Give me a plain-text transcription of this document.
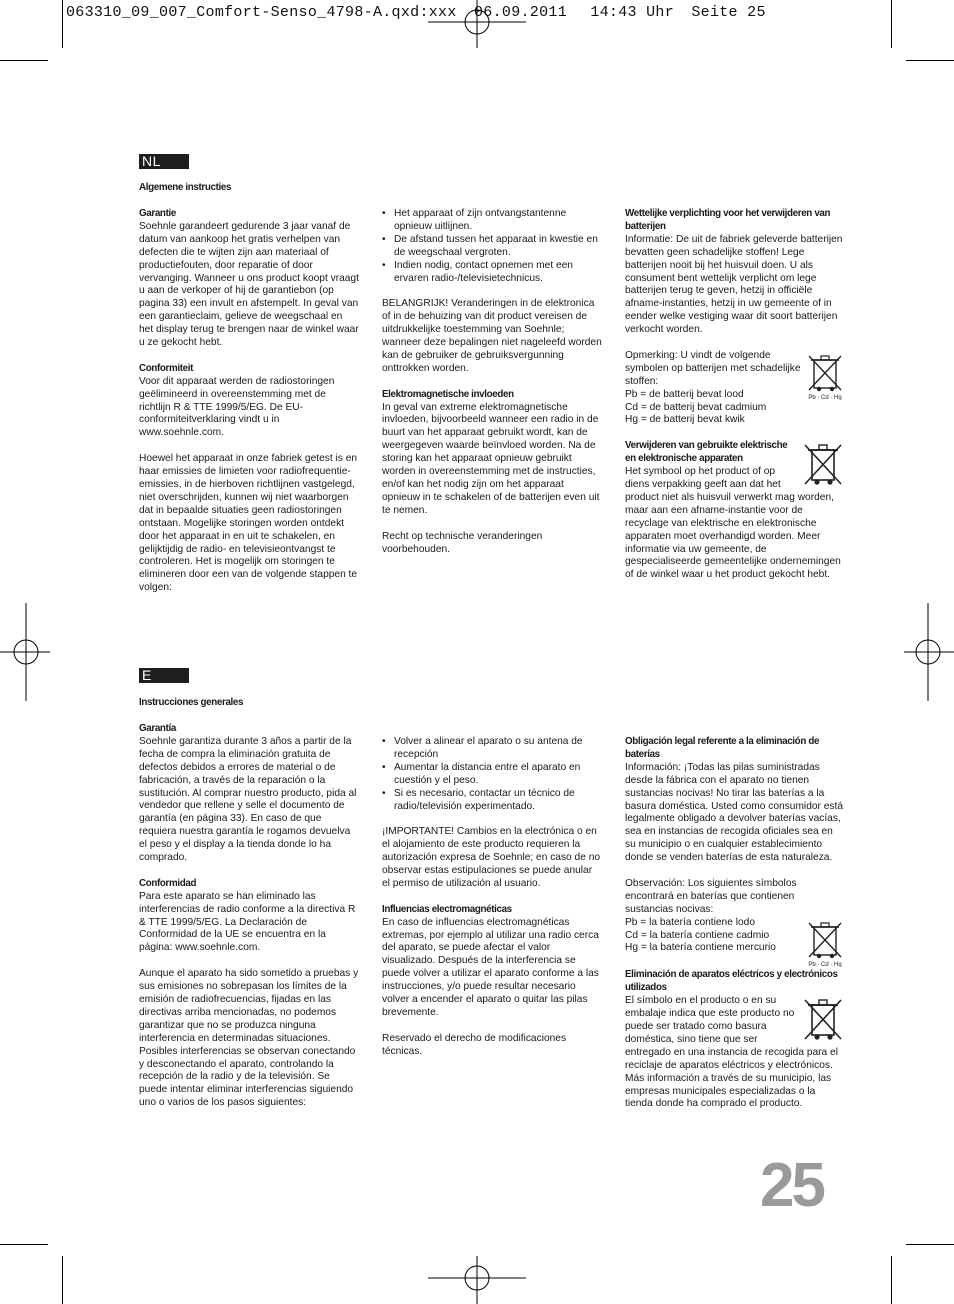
063310_09_007_Comfort-Senso_4798-A.qxd:xxx 06.09.2011 14:43 Uhr Seite 25
NL
Algemene instructies

Garantie
Soehnle garandeert gedurende 3 jaar vanaf de datum van aankoop het gratis verhelpen van defecten die te wijten zijn aan materiaal of productiefouten, door reparatie of door vervanging. Wanneer u ons product koopt vraagt u aan de verkoper of hij de garantiebon (op pagina 33) een invult en afstempelt. In geval van een garantieclaim, gelieve de weegschaal en het display terug te brengen naar de winkel waar u ze gekocht hebt.

Conformiteit
Voor dit apparaat werden de radiostoringen geëlimineerd in overeenstemming met de richtlijn R & TTE 1999/5/EG. De EU-conformiteitverklaring vindt u in www.soehnle.com.

Hoewel het apparaat in onze fabriek getest is en haar emissies de limieten voor radiofrequentie-emissies, in de hierboven richtlijnen vastgelegd, niet overschrijden, kunnen wij niet waarborgen dat in bepaalde situaties geen radiostoringen ontstaan. Mogelijke storingen worden ontdekt door het apparaat in en uit te schakelen, en gelijktijdig de radio- en televisieontvangst te controleren. Het is mogelijk om storingen te elimineren door een van de volgende stappen te volgen:

• Het apparaat of zijn ontvangstantenne opnieuw uitlijnen.
• De afstand tussen het apparaat in kwestie en de weegschaal vergroten.
• Indien nodig, contact opnemen met een ervaren radio-/televisietechnicus.

BELANGRIJK! Veranderingen in de elektronica of in de behuizing van dit product vereisen de uitdrukkelijke toestemming van Soehnle; wanneer deze bepalingen niet nageleefd worden kan de gebruiker de gebruiksvergunning onttrokken worden.

Elektromagnetische invloeden
In geval van extreme elektromagnetische invloeden, bijvoorbeeld wanneer een radio in de buurt van het apparaat gebruikt wordt, kan de weergegeven waarde beïnvloed worden. Na de storing kan het apparaat opnieuw gebruikt worden in overeenstemming met de instructies, en/of kan het nodig zijn om het apparaat opnieuw in te schakelen of de batterijen even uit te nemen.

Recht op technische veranderingen voorbehouden.

Wettelijke verplichting voor het verwijderen van batterijen
Informatie: De uit de fabriek geleverde batterijen bevatten geen schadelijke stoffen! Lege batterijen nooit bij het huisvuil doen. U als consument bent wettelijk verplicht om lege batterijen terug te geven, hetzij in officiële afname-instanties, hetzij in uw gemeente of in eender welke vestiging waar dit soort batterijen verkocht worden.

Pb · Cd · Hg
Opmerking: U vindt de volgende symbolen op batterijen met schadelijke stoffen:
Pb = de batterij bevat lood
Cd = de batterij bevat cadmium
Hg = de batterij bevat kwik

Verwijderen van gebruikte elektrische en elektronische apparaten
Het symbool op het product of op diens verpakking geeft aan dat het product niet als huisvuil verwerkt mag worden, maar aan een afname-instantie voor de recyclage van elektrische en elektronische apparaten moet overhandigd worden. Meer informatie via uw gemeente, de gespecialiseerde gemeentelijke ondernemingen of de winkel waar u het product gekocht hebt.

E
Instrucciones generales

Garantía
Soehnle garantiza durante 3 años a partir de la fecha de compra la eliminación gratuita de defectos debidos a errores de material o de fabricación, a través de la reparación o la sustitución. Al comprar nuestro producto, pida al vendedor que rellene y selle el documento de garantía (en página 33). En caso de que requiera nuestra garantía le rogamos devuelva el peso y el display a la tienda donde lo ha comprado.

Conformidad
Para este aparato se han eliminado las interferencias de radio conforme a la directiva R & TTE 1999/5/EG. La Declaración de Conformidad de la UE se encuentra en la página: www.soehnle.com.

Aunque el aparato ha sido sometido a pruebas y sus emisiones no sobrepasan los límites de la emisión de radiofrecuencias, fijadas en las directivas arriba mencionadas, no podemos garantizar que no se produzca ninguna interferencia en determinadas situaciones. Posibles interferencias se observan conectando y desconectando el aparato, controlando la recepción de la radio y de la televisión. Se puede intentar eliminar interferencias siguiendo uno o varios de los pasos siguientes:

• Volver a alinear el aparato o su antena de recepción
• Aumentar la distancia entre el aparato en cuestión y el peso.
• Si es necesario, contactar un técnico de radio/televisión experimentado.

¡IMPORTANTE! Cambios en la electrónica o en el alojamiento de este producto requieren la autorización expresa de Soehnle; en caso de no observar estas estipulaciones se puede anular el permiso de utilización al usuario.

Influencias electromagnéticas
En caso de influencias electromagnéticas extremas, por ejemplo al utilizar una radio cerca del aparato, se puede afectar el valor visualizado. Después de la interferencia se puede volver a utilizar el aparato conforme a las instrucciones, y/o puede resultar necesario volver a encender el aparato o quitar las pilas brevemente.

Reservado el derecho de modificaciones técnicas.

Obligación legal referente a la eliminación de baterías
Información: ¡Todas las pilas suministradas desde la fábrica con el aparato no tienen sustancias nocivas! No tirar las baterías a la basura doméstica. Usted como consumidor está legalmente obligado a devolver baterías vacías, sea en instancias de recogida oficiales sea en su municipio o en cualquier establecimiento donde se venden baterías de esta naturaleza.

Observación: Los siguientes símbolos encontrará en baterías que contienen sustancias nocivas:
Pb · Cd · Hg
Pb = la batería contiene lodo
Cd = la batería contiene cadmio
Hg = la batería contiene mercurio

Eliminación de aparatos eléctricos y electrónicos utilizados
El símbolo en el producto o en su embalaje indica que este producto no puede ser tratado como basura doméstica, sino tiene que ser entregado en una instancia de recogida para el reciclaje de aparatos eléctricos y electrónicos. Más información a través de su municipio, las empresas municipales especializadas o la tienda donde ha comprado el producto.

25
